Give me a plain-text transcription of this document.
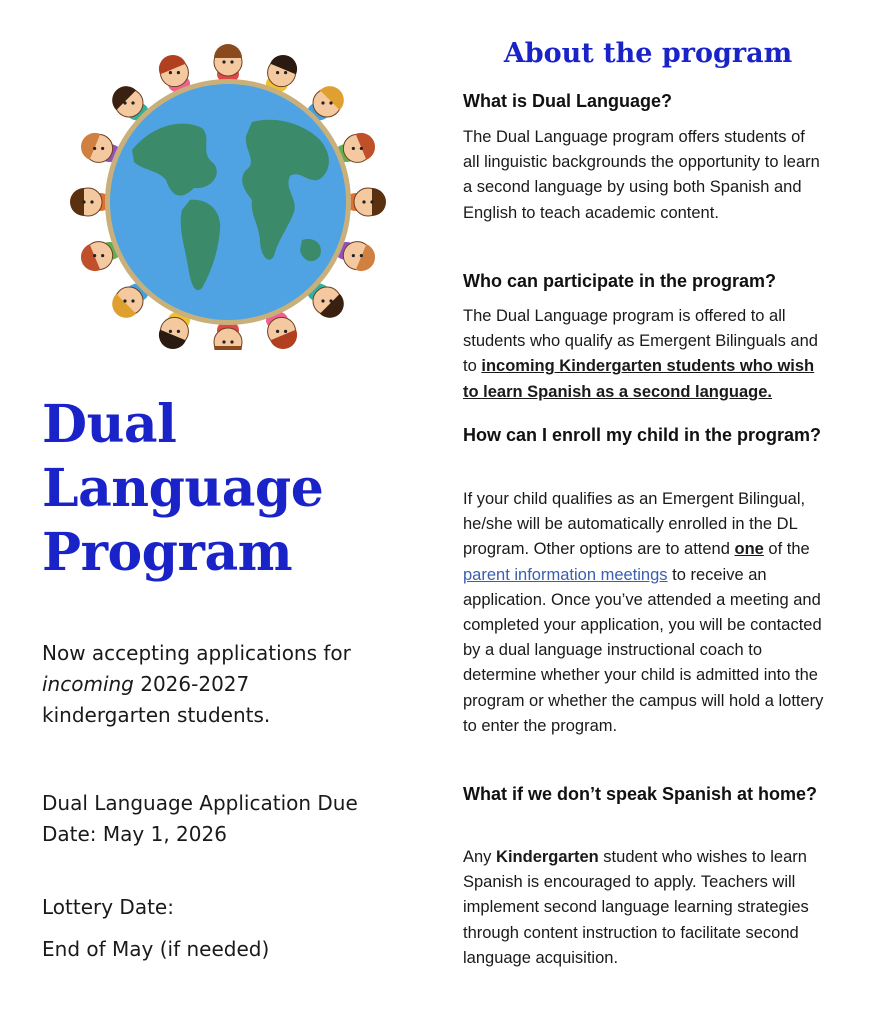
Dual
Language
Program

Now accepting applications for
incoming 2026-2027
kindergarten students.

Dual Language Application Due
Date: May 1, 2026

Lottery Date:

End of May (if needed)

About the program
What is Dual Language?

The Dual Language program offers students of all linguistic backgrounds the opportunity to learn a second language by using both Spanish and English to teach academic content.

Who can participate in the program?

The Dual Language program is offered to all students who qualify as Emergent Bilinguals and to incoming Kindergarten students who wish to learn Spanish as a second language.

How can I enroll my child in the program?

If your child qualifies as an Emergent Bilingual, he/she will be automatically enrolled in the DL program. Other options are to attend one of the parent information meetings to receive an application. Once you’ve attended a meeting and completed your application, you will be contacted by a dual language instructional coach to determine whether your child is admitted into the program or whether the campus will hold a lottery to enter the program.

What if we don’t speak Spanish at home?

Any Kindergarten student who wishes to learn Spanish is encouraged to apply. Teachers will implement second language learning strategies through content instruction to facilitate second language acquisition.
